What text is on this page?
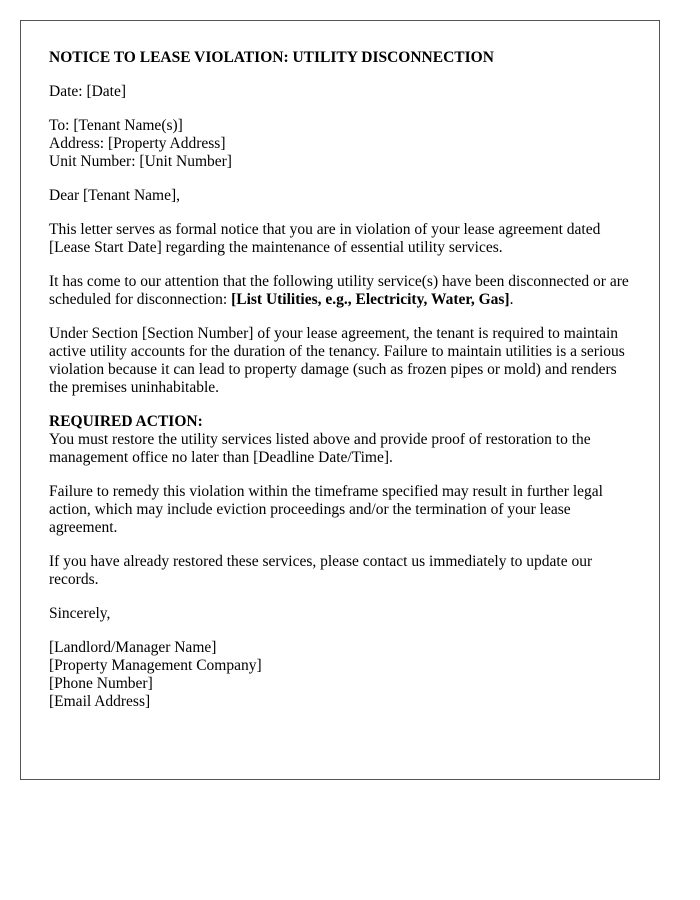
NOTICE TO LEASE VIOLATION: UTILITY DISCONNECTION
Date: [Date]
To: [Tenant Name(s)]
Address: [Property Address]
Unit Number: [Unit Number]
Dear [Tenant Name],
This letter serves as formal notice that you are in violation of your lease agreement dated [Lease Start Date] regarding the maintenance of essential utility services.
It has come to our attention that the following utility service(s) have been disconnected or are scheduled for disconnection: [List Utilities, e.g., Electricity, Water, Gas].
Under Section [Section Number] of your lease agreement, the tenant is required to maintain active utility accounts for the duration of the tenancy. Failure to maintain utilities is a serious violation because it can lead to property damage (such as frozen pipes or mold) and renders the premises uninhabitable.
REQUIRED ACTION:
You must restore the utility services listed above and provide proof of restoration to the management office no later than [Deadline Date/Time].
Failure to remedy this violation within the timeframe specified may result in further legal action, which may include eviction proceedings and/or the termination of your lease agreement.
If you have already restored these services, please contact us immediately to update our records.
Sincerely,
[Landlord/Manager Name]
[Property Management Company]
[Phone Number]
[Email Address]
